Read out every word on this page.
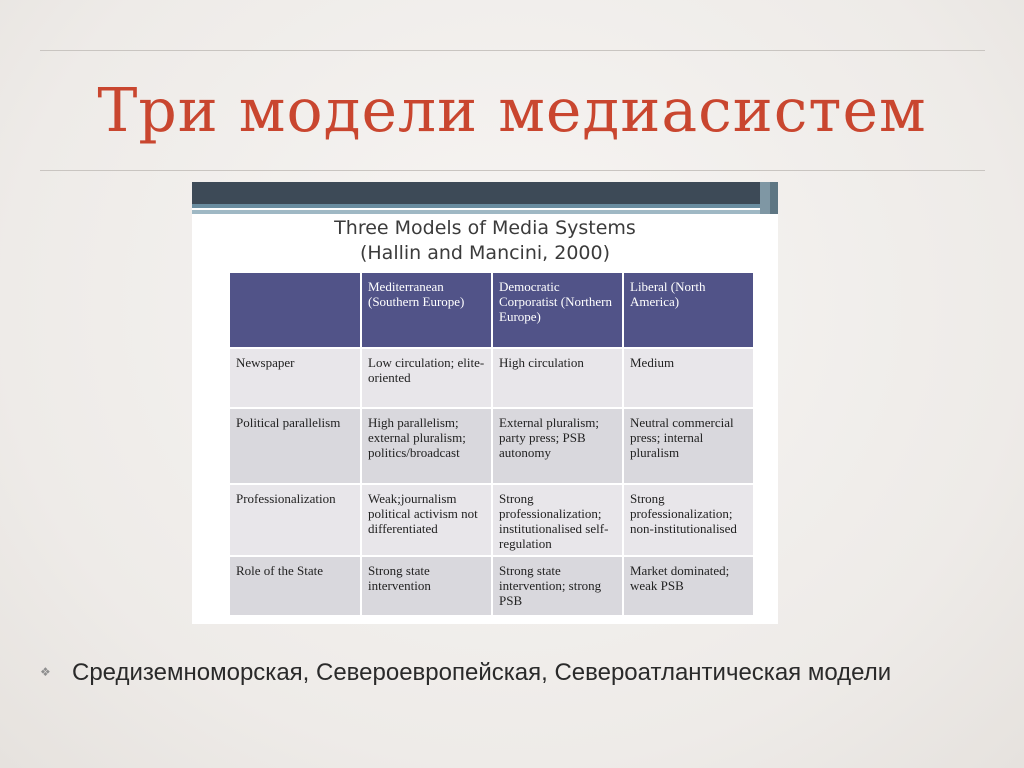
Три модели медиасистем
Three Models of Media Systems
(Hallin and Mancini, 2000)
	Mediterranean (Southern Europe)	Democratic Corporatist (Northern Europe)	Liberal (North America)
Newspaper	Low circulation; elite-oriented	High circulation	Medium
Political parallelism	High parallelism; external pluralism; politics/broadcast	External pluralism; party press; PSB autonomy	Neutral commercial press; internal pluralism
Professionalization	Weak;journalism political activism not differentiated	Strong professionalization; institutionalised self-regulation	Strong professionalization; non-institutionalised
Role of the State	Strong state intervention	Strong state intervention; strong PSB	Market dominated; weak PSB
❖ Средиземноморская, Североевропейская, Североатлантическая модели
